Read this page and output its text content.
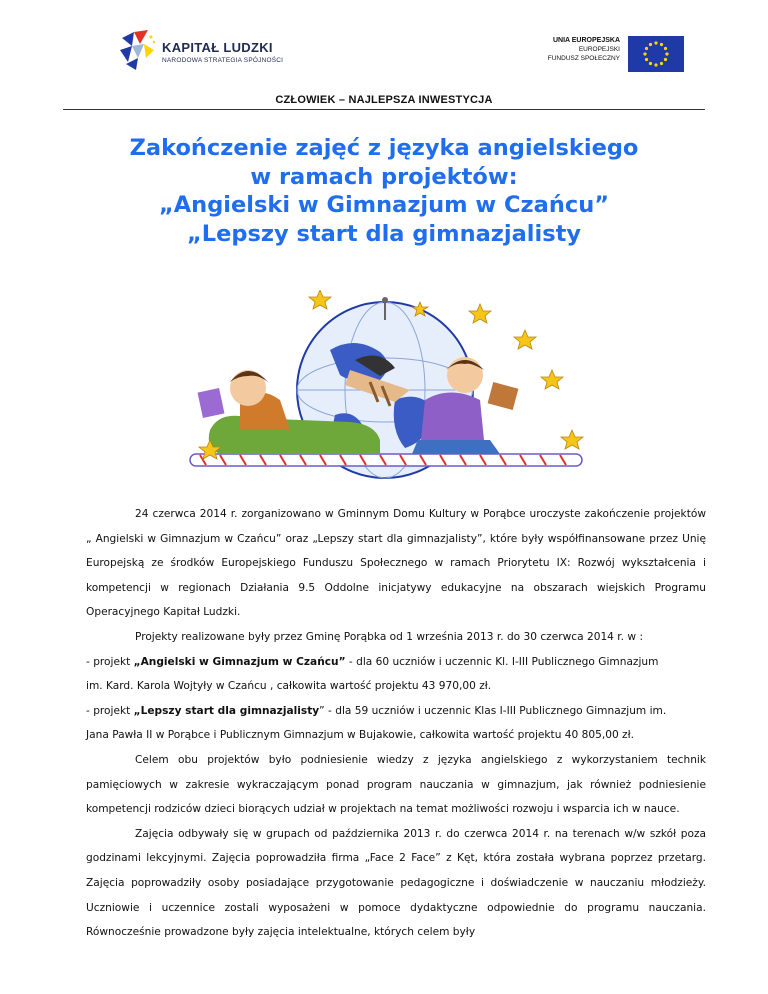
KAPITAŁ LUDZKI
NARODOWA STRATEGIA SPÓJNOŚCI
UNIA EUROPEJSKA
EUROPEJSKI
FUNDUSZ SPOŁECZNY
CZŁOWIEK – NAJLEPSZA INWESTYCJA
Zakończenie zajęć z języka angielskiego
w ramach projektów:
„Angielski w Gimnazjum w Czańcu”
„Lepszy start dla gimnazjalisty

24 czerwca 2014 r. zorganizowano w Gminnym Domu Kultury w Porąbce uroczyste zakończenie projektów „ Angielski w Gimnazjum w Czańcu” oraz „Lepszy start dla gimnazjalisty”, które były współfinansowane przez Unię Europejską ze środków Europejskiego Funduszu Społecznego w ramach Priorytetu IX: Rozwój wykształcenia i kompetencji w regionach Działania 9.5 Oddolne inicjatywy edukacyjne na obszarach wiejskich Programu Operacyjnego Kapitał Ludzki.

Projekty realizowane były przez Gminę Porąbka od 1 września 2013 r. do 30 czerwca 2014 r. w :

- projekt „Angielski w Gimnazjum w Czańcu” - dla 60 uczniów i uczennic Kl. I-III Publicznego Gimnazjum

im. Kard. Karola Wojtyły w Czańcu , całkowita wartość projektu 43 970,00 zł.

- projekt „Lepszy start dla gimnazjalisty” - dla 59 uczniów i uczennic Klas I-III Publicznego Gimnazjum im.

Jana Pawła II w Porąbce i Publicznym Gimnazjum w Bujakowie, całkowita wartość projektu 40 805,00 zł.

Celem obu projektów było podniesienie wiedzy z języka angielskiego z wykorzystaniem technik pamięciowych w zakresie wykraczającym ponad program nauczania w gimnazjum, jak również podniesienie kompetencji rodziców dzieci biorących udział w projektach na temat możliwości rozwoju i wsparcia ich w nauce.

Zajęcia odbywały się w grupach od października 2013 r. do czerwca 2014 r. na terenach w/w szkół poza godzinami lekcyjnymi. Zajęcia poprowadziła firma „Face 2 Face” z Kęt, która została wybrana poprzez przetarg. Zajęcia poprowadziły osoby posiadające przygotowanie pedagogiczne i doświadczenie w nauczaniu młodzieży. Uczniowie i uczennice zostali wyposażeni w pomoce dydaktyczne odpowiednie do programu nauczania. Równocześnie prowadzone były zajęcia intelektualne, których celem były
